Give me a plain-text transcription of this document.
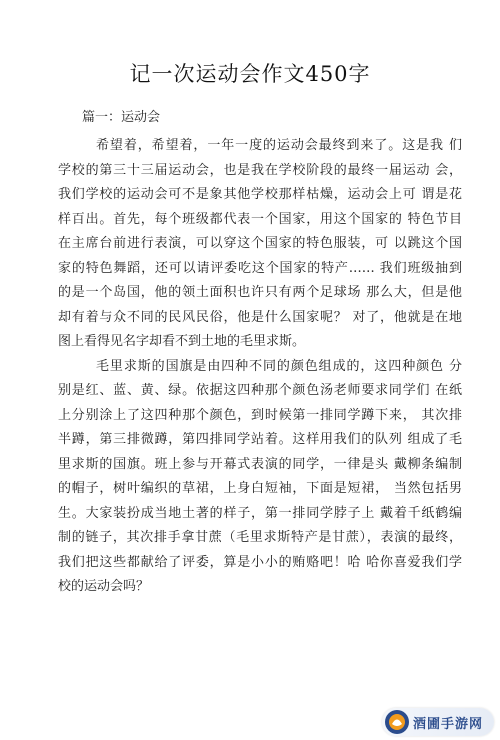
记一次运动会作文450字
篇一：运动会
希望着，希望着，一年一度的运动会最终到来了。这是我 们
学校的第三十三届运动会，也是我在学校阶段的最终一届运动 会，
我们学校的运动会可不是象其他学校那样枯燥，运动会上可 谓是花
样百出。首先，每个班级都代表一个国家，用这个国家的 特色节目
在主席台前进行表演，可以穿这个国家的特色服装，可 以跳这个国
家的特色舞蹈，还可以请评委吃这个国家的特产…… 我们班级抽到
的是一个岛国，他的领土面积也许只有两个足球场 那么大，但是他
却有着与众不同的民风民俗，他是什么国家呢？ 对了，他就是在地
图上看得见名字却看不到土地的毛里求斯。
毛里求斯的国旗是由四种不同的颜色组成的，这四种颜色 分
别是红、蓝、黄、绿。依据这四种那个颜色汤老师要求同学们 在纸
上分别涂上了这四种那个颜色，到时候第一排同学蹲下来， 其次排
半蹲，第三排微蹲，第四排同学站着。这样用我们的队列 组成了毛
里求斯的国旗。班上参与开幕式表演的同学，一律是头 戴柳条编制
的帽子，树叶编织的草裙，上身白短袖，下面是短裙， 当然包括男
生。大家装扮成当地土著的样子，第一排同学脖子上 戴着千纸鹤编
制的链子，其次排手拿甘蔗（毛里求斯特产是甘蔗），表演的最终，
我们把这些都献给了评委，算是小小的贿赂吧！哈 哈你喜爱我们学
校的运动会吗？
酒圃手游网
